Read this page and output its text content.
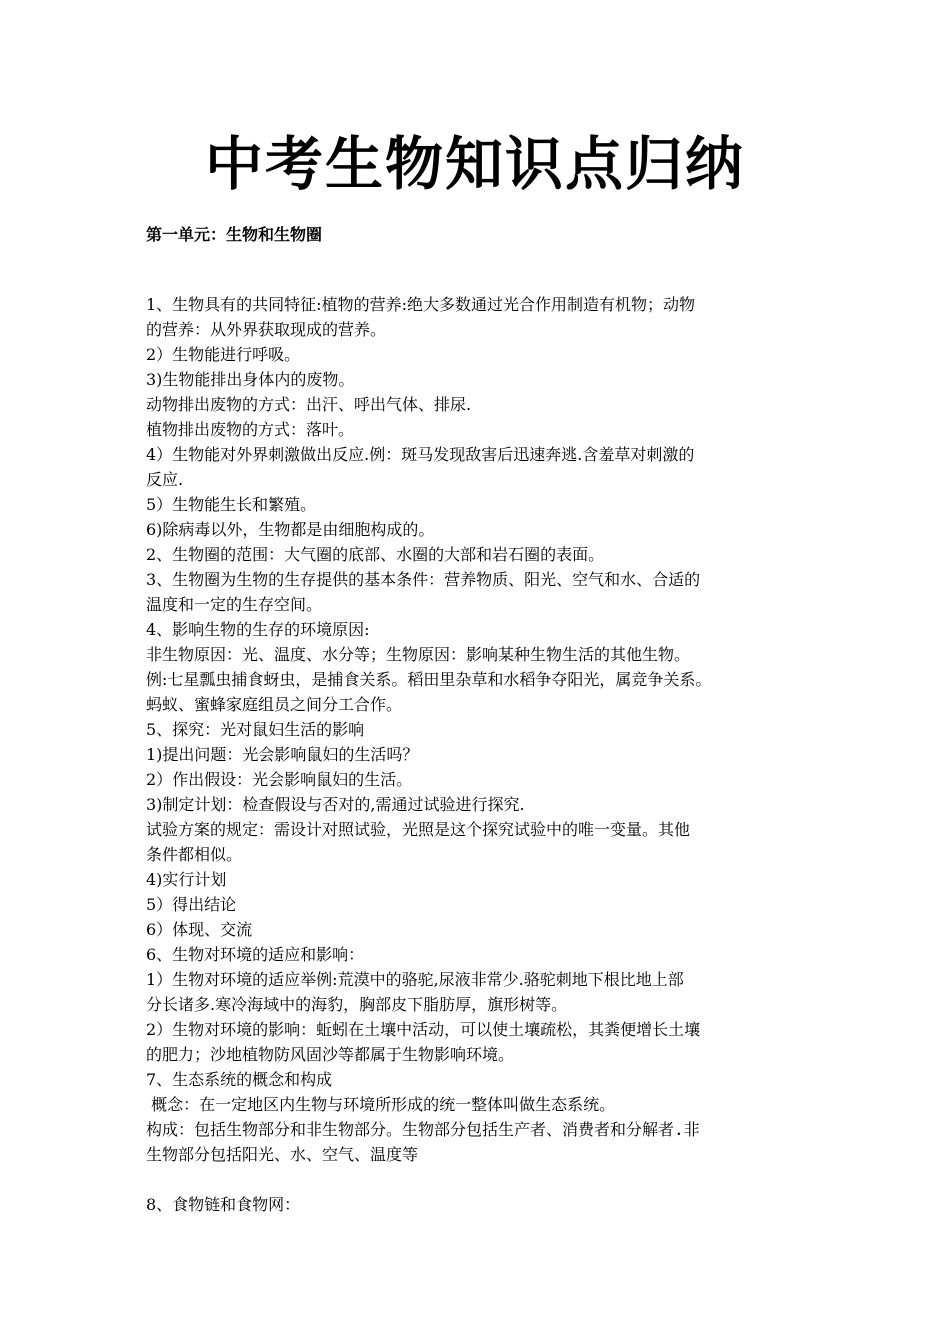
中考生物知识点归纳
第一单元：生物和生物圈
1、生物具有的共同特征:植物的营养:绝大多数通过光合作用制造有机物；动物
的营养：从外界获取现成的营养。
2）生物能进行呼吸。
3)生物能排出身体内的废物。
动物排出废物的方式：出汗、呼出气体、排尿.
植物排出废物的方式：落叶。
4）生物能对外界刺激做出反应.例：斑马发现敌害后迅速奔逃.含羞草对刺激的
反应.
5）生物能生长和繁殖。
6)除病毒以外，生物都是由细胞构成的。
2、生物圈的范围：大气圈的底部、水圈的大部和岩石圈的表面。
3、生物圈为生物的生存提供的基本条件：营养物质、阳光、空气和水、合适的
温度和一定的生存空间。
4、影响生物的生存的环境原因:
非生物原因：光、温度、水分等；生物原因：影响某种生物生活的其他生物。
例:七星瓢虫捕食蚜虫，是捕食关系。稻田里杂草和水稻争夺阳光，属竞争关系。
蚂蚁、蜜蜂家庭组员之间分工合作。
5、探究：光对鼠妇生活的影响
1)提出问题：光会影响鼠妇的生活吗？
2）作出假设：光会影响鼠妇的生活。
3)制定计划：检查假设与否对的,需通过试验进行探究.
试验方案的规定：需设计对照试验，光照是这个探究试验中的唯一变量。其他
条件都相似。
4)实行计划
5）得出结论
6）体现、交流
6、生物对环境的适应和影响：
1）生物对环境的适应举例:荒漠中的骆驼,尿液非常少.骆驼刺地下根比地上部
分长诸多.寒冷海域中的海豹，胸部皮下脂肪厚，旗形树等。
2）生物对环境的影响：蚯蚓在土壤中活动，可以使土壤疏松，其粪便增长土壤
的肥力；沙地植物防风固沙等都属于生物影响环境。
7、生态系统的概念和构成
概念：在一定地区内生物与环境所形成的统一整体叫做生态系统。
构成：包括生物部分和非生物部分。生物部分包括生产者、消费者和分解者.非
生物部分包括阳光、水、空气、温度等
8、食物链和食物网：
